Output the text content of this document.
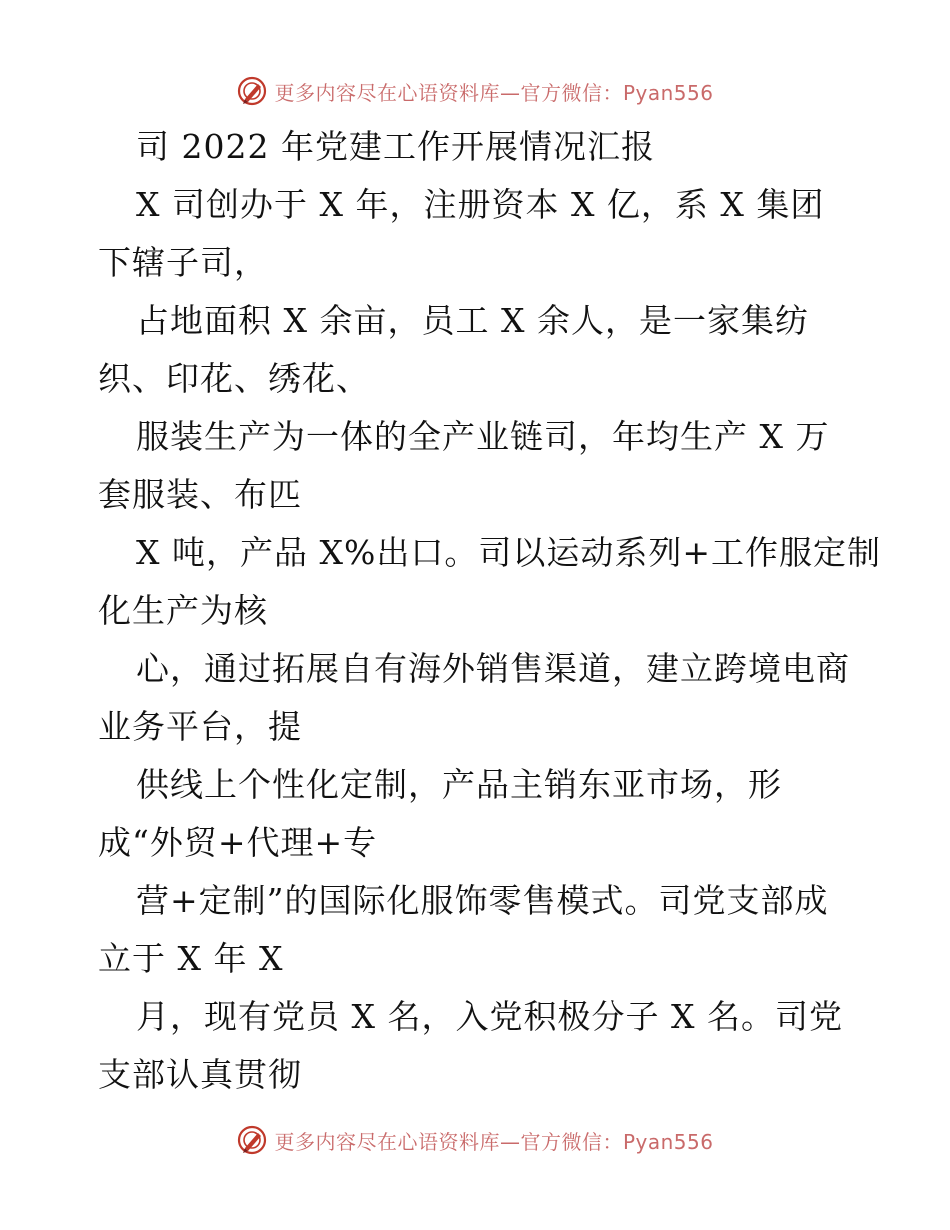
更多内容尽在心语资料库—官方微信：Pyan556
司 2022 年党建工作开展情况汇报
X 司创办于 X 年，注册资本 X 亿，系 X 集团
下辖子司，
占地面积 X 余亩，员工 X 余人，是一家集纺
织、印花、绣花、
服装生产为一体的全产业链司，年均生产 X 万
套服装、布匹
X 吨，产品 X%出口。司以运动系列+工作服定制
化生产为核
心，通过拓展自有海外销售渠道，建立跨境电商
业务平台，提
供线上个性化定制，产品主销东亚市场，形
成“外贸+代理+专
营+定制”的国际化服饰零售模式。司党支部成
立于 X 年 X
月，现有党员 X 名，入党积极分子 X 名。司党
支部认真贯彻
更多内容尽在心语资料库—官方微信：Pyan556
